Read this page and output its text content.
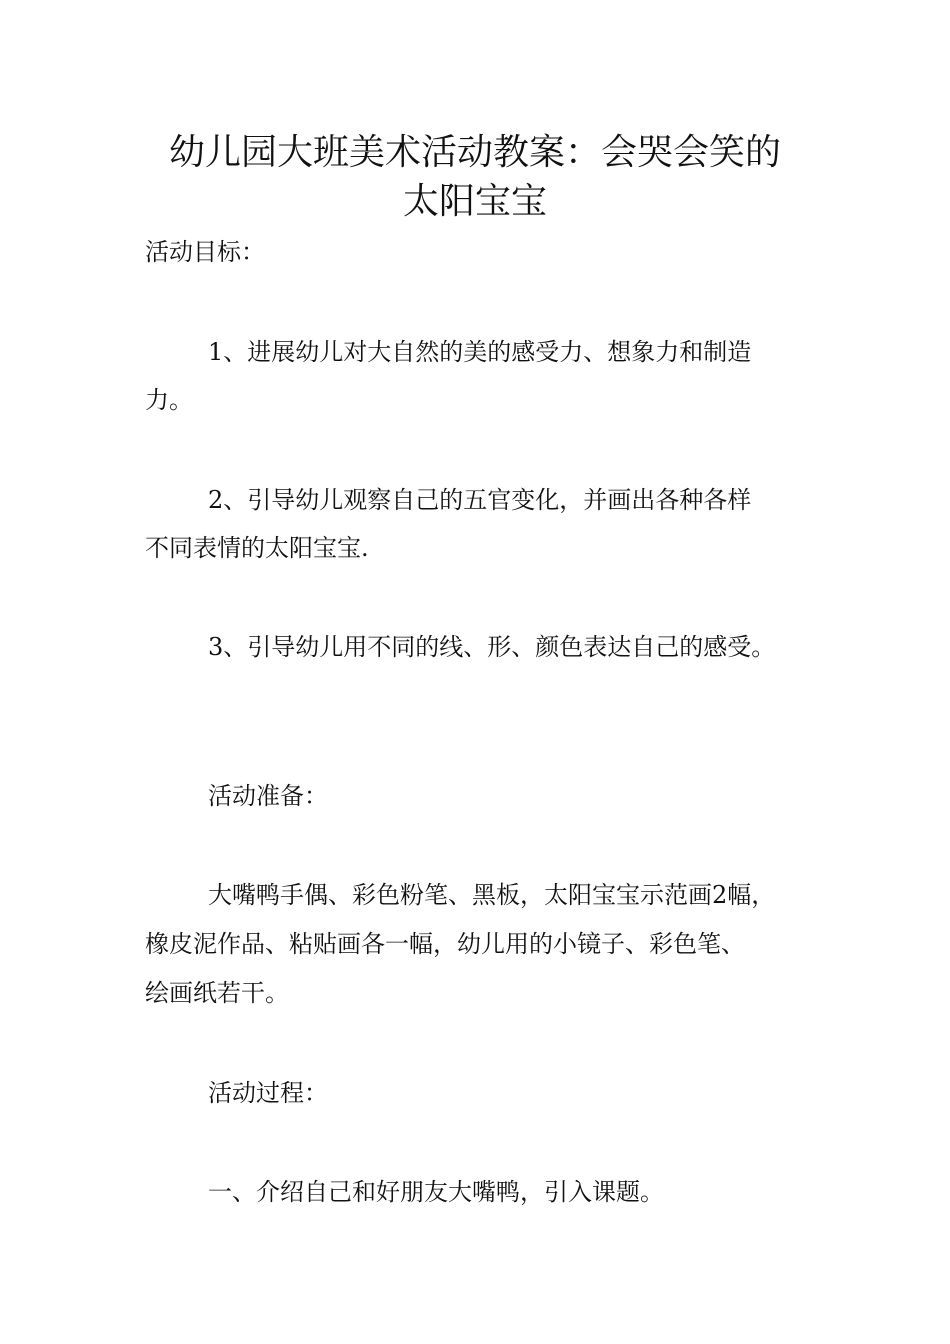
幼儿园大班美术活动教案：会哭会笑的
太阳宝宝

活动目标：

1、进展幼儿对大自然的美的感受力、想象力和制造

力。

2、引导幼儿观察自己的五官变化，并画出各种各样

不同表情的太阳宝宝.

3、引导幼儿用不同的线、形、颜色表达自己的感受。

活动准备：

大嘴鸭手偶、彩色粉笔、黑板，太阳宝宝示范画2幅，

橡皮泥作品、粘贴画各一幅，幼儿用的小镜子、彩色笔、

绘画纸若干。

活动过程：

一、介绍自己和好朋友大嘴鸭，引入课题。
